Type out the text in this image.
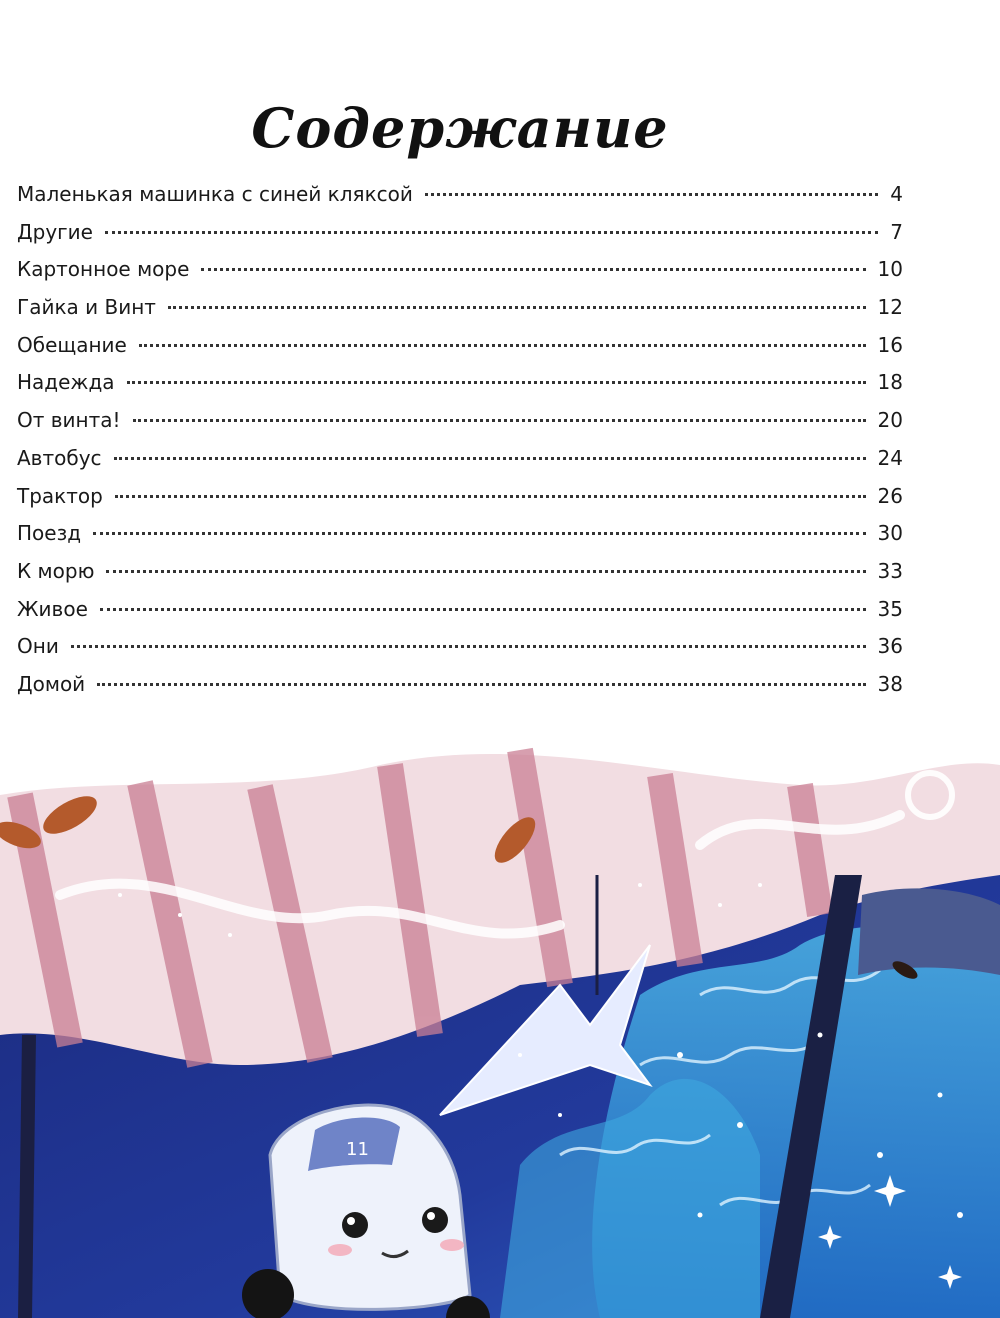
Содержание
Маленькая машинка с синей кляксой	4
Другие	7
Картонное море	10
Гайка и Винт	12
Обещание	16
Надежда	18
От винта!	20
Автобус	24
Трактор	26
Поезд	30
К морю	33
Живое	35
Они	36
Домой	38
11
